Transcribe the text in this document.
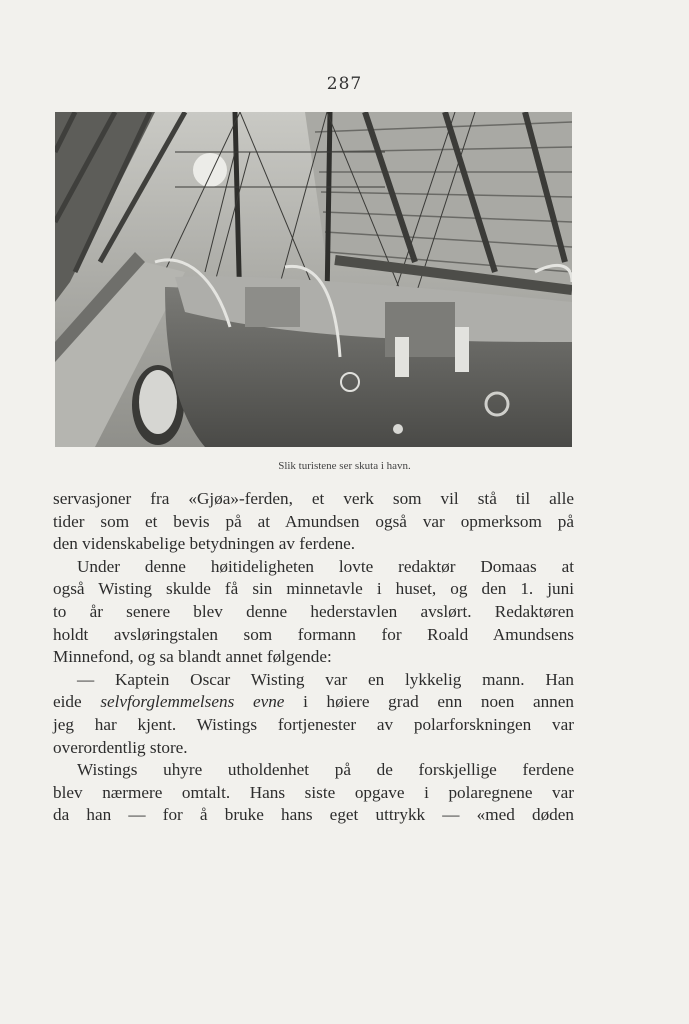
287
Slik turistene ser skuta i havn.
servasjoner fra «Gjøa»-ferden, et verk som vil stå til alle
tider som et bevis på at Amundsen også var opmerksom på
den videnskabelige betydningen av ferdene.
Under denne høitideligheten lovte redaktør Domaas at
også Wisting skulde få sin minnetavle i huset, og den 1. juni
to år senere blev denne hederstavlen avslørt. Redaktøren
holdt avsløringstalen som formann for Roald Amundsens
Minnefond, og sa blandt annet følgende:
— Kaptein Oscar Wisting var en lykkelig mann. Han
eide selvforglemmelsens evne i høiere grad enn noen annen
jeg har kjent. Wistings fortjenester av polarforskningen var
overordentlig store.
Wistings uhyre utholdenhet på de forskjellige ferdene
blev nærmere omtalt. Hans siste opgave i polaregnene var
da han — for å bruke hans eget uttrykk — «med døden
